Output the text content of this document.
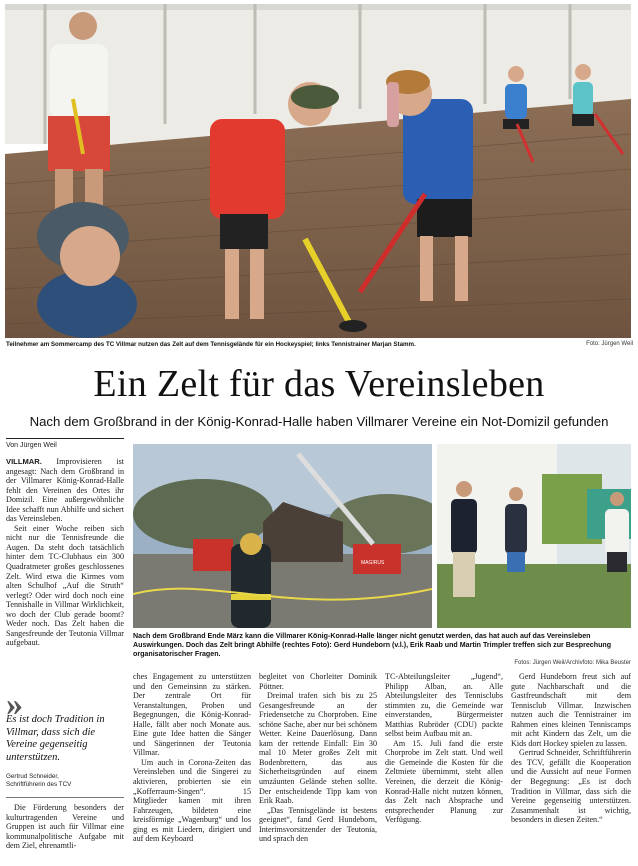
Teilnehmer am Sommercamp des TC Villmar nutzen das Zelt auf dem Tennisgelände für ein Hockeyspiel; links Tennistrainer Marjan Stamm.	Foto: Jürgen Weil
Ein Zelt für das Vereinsleben
Nach dem Großbrand in der König-Konrad-Halle haben Villmarer Vereine ein Not-Domizil gefunden
Von Jürgen Weil

VILLMAR. Improvisieren ist angesagt: Nach dem Großbrand in der Villmarer König-Konrad-Halle fehlt den Vereinen des Ortes ihr Domizil. Eine außergewöhnliche Idee schafft nun Abhilfe und sichert das Vereinsleben.

Seit einer Woche reiben sich nicht nur die Tennisfreunde die Augen. Da steht doch tatsächlich hinter dem TC-Clubhaus ein 300 Quadratmeter großes geschlossenes Zelt. Wird etwa die Kirmes vom alten Schulhof „Auf die Struth“ verlegt? Oder wird doch noch eine Tennishalle in Villmar Wirklichkeit, wo doch der Club gerade boomt? Weder noch. Das Zelt haben die Sangesfreunde der Teutonia Villmar aufgebaut.

»
Es ist doch Tradition in Villmar, dass sich die Vereine gegenseitig unterstützen.
Gertrud Schneider,
Schriftführerin des TCV

Die Förderung besonders der kulturtragenden Vereine und Gruppen ist auch für Villmar eine kommunalpolitische Aufgabe mit dem Ziel, ehrenamtli-

MAGIRUS
Nach dem Großbrand Ende März kann die Villmarer König-Konrad-Halle länger nicht genutzt werden, das hat auch auf das Vereinsleben Auswirkungen. Doch das Zelt bringt Abhilfe (rechtes Foto): Gerd Hundeborn (v.l.), Erik Raab und Martin Trimpler treffen sich zur Besprechung organisatorischer Fragen.
Fotos: Jürgen Weil/Archivfoto: Mika Beuster

ches Engagement zu unterstützen und den Gemeinsinn zu stärken. Der zentrale Ort für Veranstaltungen, Proben und Begegnungen, die König-Konrad-Halle, fällt aber noch Monate aus. Eine gute Idee hatten die Sänger und Sängerinnen der Teutonia Villmar.

Um auch in Corona-Zeiten das Vereinsleben und die Singerei zu aktivieren, probierten sie ein „Kofferraum-Singen“. 15 Mitglieder kamen mit ihren Fahrzeugen, bildeten eine kreisförmige „Wagenburg“ und los ging es mit Liedern, dirigiert und auf dem Keyboard

begleitet von Chorleiter Dominik Pöttner.

Dreimal trafen sich bis zu 25 Gesangesfreunde an der Friedensetche zu Chorproben. Eine schöne Sache, aber nur bei schönem Wetter. Keine Dauerlösung. Dann kam der rettende Einfall: Ein 30 mal 10 Meter großes Zelt mit Bodenbrettern, das aus Sicherheitsgründen auf einem umzäunten Gelände stehen sollte. Der entscheidende Tipp kam von Erik Raab.

„Das Tennisgelände ist bestens geeignet“, fand Gerd Hundeborn, Interimsvorsitzender der Teutonia, und sprach den

TC-Abteilungsleiter „Jugend“, Philipp Alban, an. Alle Abteilungsleiter des Tennisclubs stimmten zu, die Gemeinde war einverstanden, Bürgermeister Matthias Rubröder (CDU) packte selbst beim Aufbau mit an.

Am 15. Juli fand die erste Chorprobe im Zelt statt. Und weil die Gemeinde die Kosten für die Zeltmiete übernimmt, steht allen Vereinen, die derzeit die König-Konrad-Halle nicht nutzen können, das Zelt nach Absprache und entsprechender Planung zur Verfügung.

Gerd Hundeborn freut sich auf gute Nachbarschaft und die Gastfreundschaft mit dem Tennisclub Villmar. Inzwischen nutzen auch die Tennistrainer im Rahmen eines kleinen Tenniscamps mit acht Kindern das Zelt, um die Kids dort Hockey spielen zu lassen.

Gertrud Schneider, Schriftführerin des TCV, gefällt die Kooperation und die Aussicht auf neue Formen der Begegnung: „Es ist doch Tradition in Villmar, dass sich die Vereine gegenseitig unterstützen. Zusammenhalt ist wichtig, besonders in diesen Zeiten.“
